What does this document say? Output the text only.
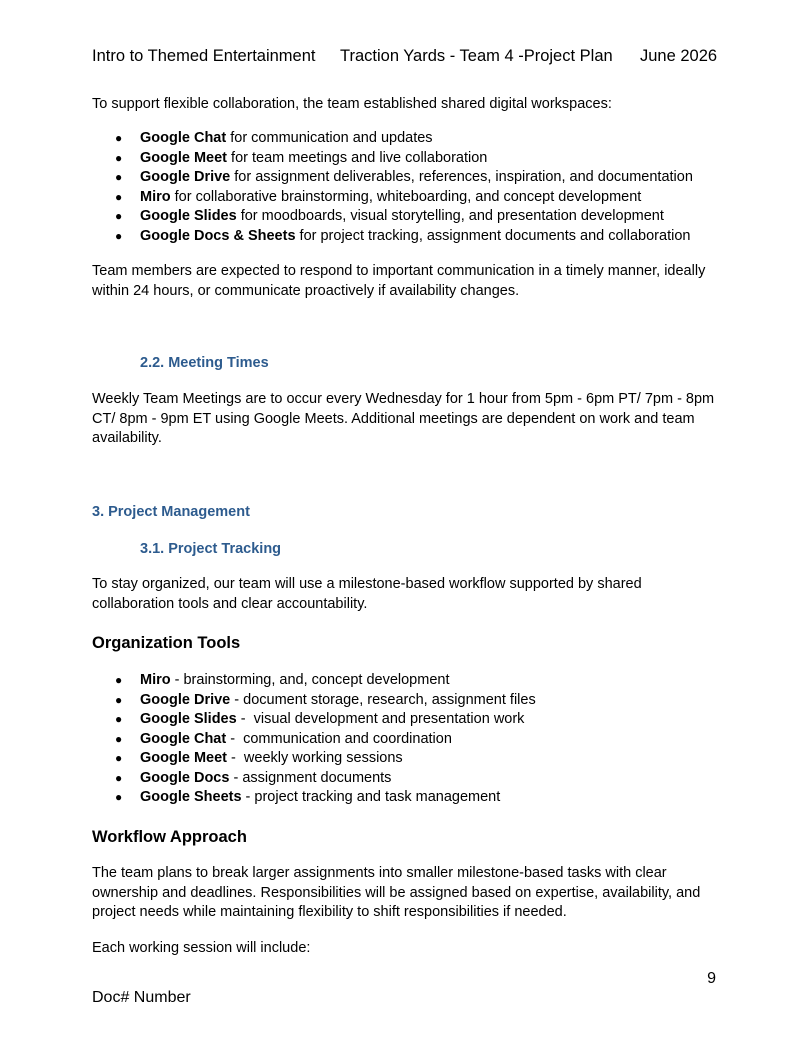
Intro to Themed Entertainment Traction Yards - Team 4 -Project Plan June 2026

To support flexible collaboration, the team established shared digital workspaces:

● Google Chat for communication and updates
● Google Meet for team meetings and live collaboration
● Google Drive for assignment deliverables, references, inspiration, and documentation
● Miro for collaborative brainstorming, whiteboarding, and concept development
● Google Slides for moodboards, visual storytelling, and presentation development
● Google Docs & Sheets for project tracking, assignment documents and collaboration

Team members are expected to respond to important communication in a timely manner, ideally within 24 hours, or communicate proactively if availability changes.

2.2. Meeting Times

Weekly Team Meetings are to occur every Wednesday for 1 hour from 5pm - 6pm PT/ 7pm - 8pm CT/ 8pm - 9pm ET using Google Meets. Additional meetings are dependent on work and team availability.

3. Project Management
3.1. Project Tracking

To stay organized, our team will use a milestone-based workflow supported by shared collaboration tools and clear accountability.

Organization Tools
● Miro - brainstorming, and, concept development
● Google Drive - document storage, research, assignment files
● Google Slides -  visual development and presentation work
● Google Chat -  communication and coordination
● Google Meet -  weekly working sessions
● Google Docs - assignment documents
● Google Sheets - project tracking and task management
Workflow Approach

The team plans to break larger assignments into smaller milestone-based tasks with clear ownership and deadlines. Responsibilities will be assigned based on expertise, availability, and project needs while maintaining flexibility to shift responsibilities if needed.

Each working session will include:

9
Doc# Number
